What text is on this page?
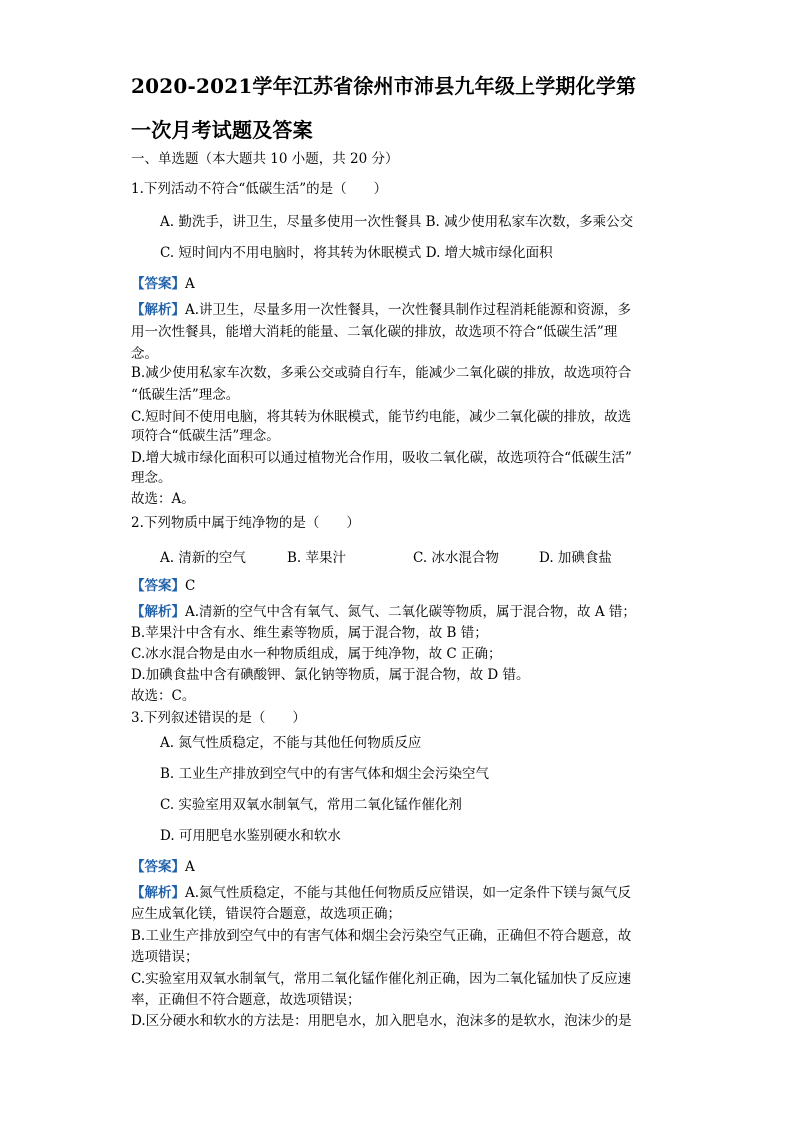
2020-2021学年江苏省徐州市沛县九年级上学期化学第
一次月考试题及答案
一、单选题（本大题共 10 小题，共 20 分）
1.下列活动不符合“低碳生活”的是（　　）
A. 勤洗手，讲卫生，尽量多使用一次性餐具 B. 减少使用私家车次数，多乘公交
C. 短时间内不用电脑时，将其转为休眠模式 D. 增大城市绿化面积
【答案】A
【解析】A.讲卫生，尽量多用一次性餐具，一次性餐具制作过程消耗能源和资源，多
用一次性餐具，能增大消耗的能量、二氧化碳的排放，故选项不符合“低碳生活”理
念。
B.减少使用私家车次数，多乘公交或骑自行车，能减少二氧化碳的排放，故选项符合
“低碳生活”理念。
C.短时间不使用电脑，将其转为休眠模式，能节约电能，减少二氧化碳的排放，故选
项符合“低碳生活”理念。
D.增大城市绿化面积可以通过植物光合作用，吸收二氧化碳，故选项符合“低碳生活”
理念。
故选：A。
2.下列物质中属于纯净物的是（　　）
A. 清新的空气	B. 苹果汁	C. 冰水混合物	D. 加碘食盐
【答案】C
【解析】A.清新的空气中含有氧气、氮气、二氧化碳等物质，属于混合物，故 A 错；
B.苹果汁中含有水、维生素等物质，属于混合物，故 B 错；
C.冰水混合物是由水一种物质组成，属于纯净物，故 C 正确；
D.加碘食盐中含有碘酸钾、氯化钠等物质，属于混合物，故 D 错。
故选：C。
3.下列叙述错误的是（　　）
A. 氮气性质稳定，不能与其他任何物质反应
B. 工业生产排放到空气中的有害气体和烟尘会污染空气
C. 实验室用双氧水制氧气，常用二氧化锰作催化剂
D. 可用肥皂水鉴别硬水和软水
【答案】A
【解析】A.氮气性质稳定，不能与其他任何物质反应错误，如一定条件下镁与氮气反
应生成氧化镁，错误符合题意，故选项正确；
B.工业生产排放到空气中的有害气体和烟尘会污染空气正确，正确但不符合题意，故
选项错误；
C.实验室用双氧水制氧气，常用二氧化锰作催化剂正确，因为二氧化锰加快了反应速
率，正确但不符合题意，故选项错误；
D.区分硬水和软水的方法是：用肥皂水，加入肥皂水，泡沫多的是软水，泡沫少的是
